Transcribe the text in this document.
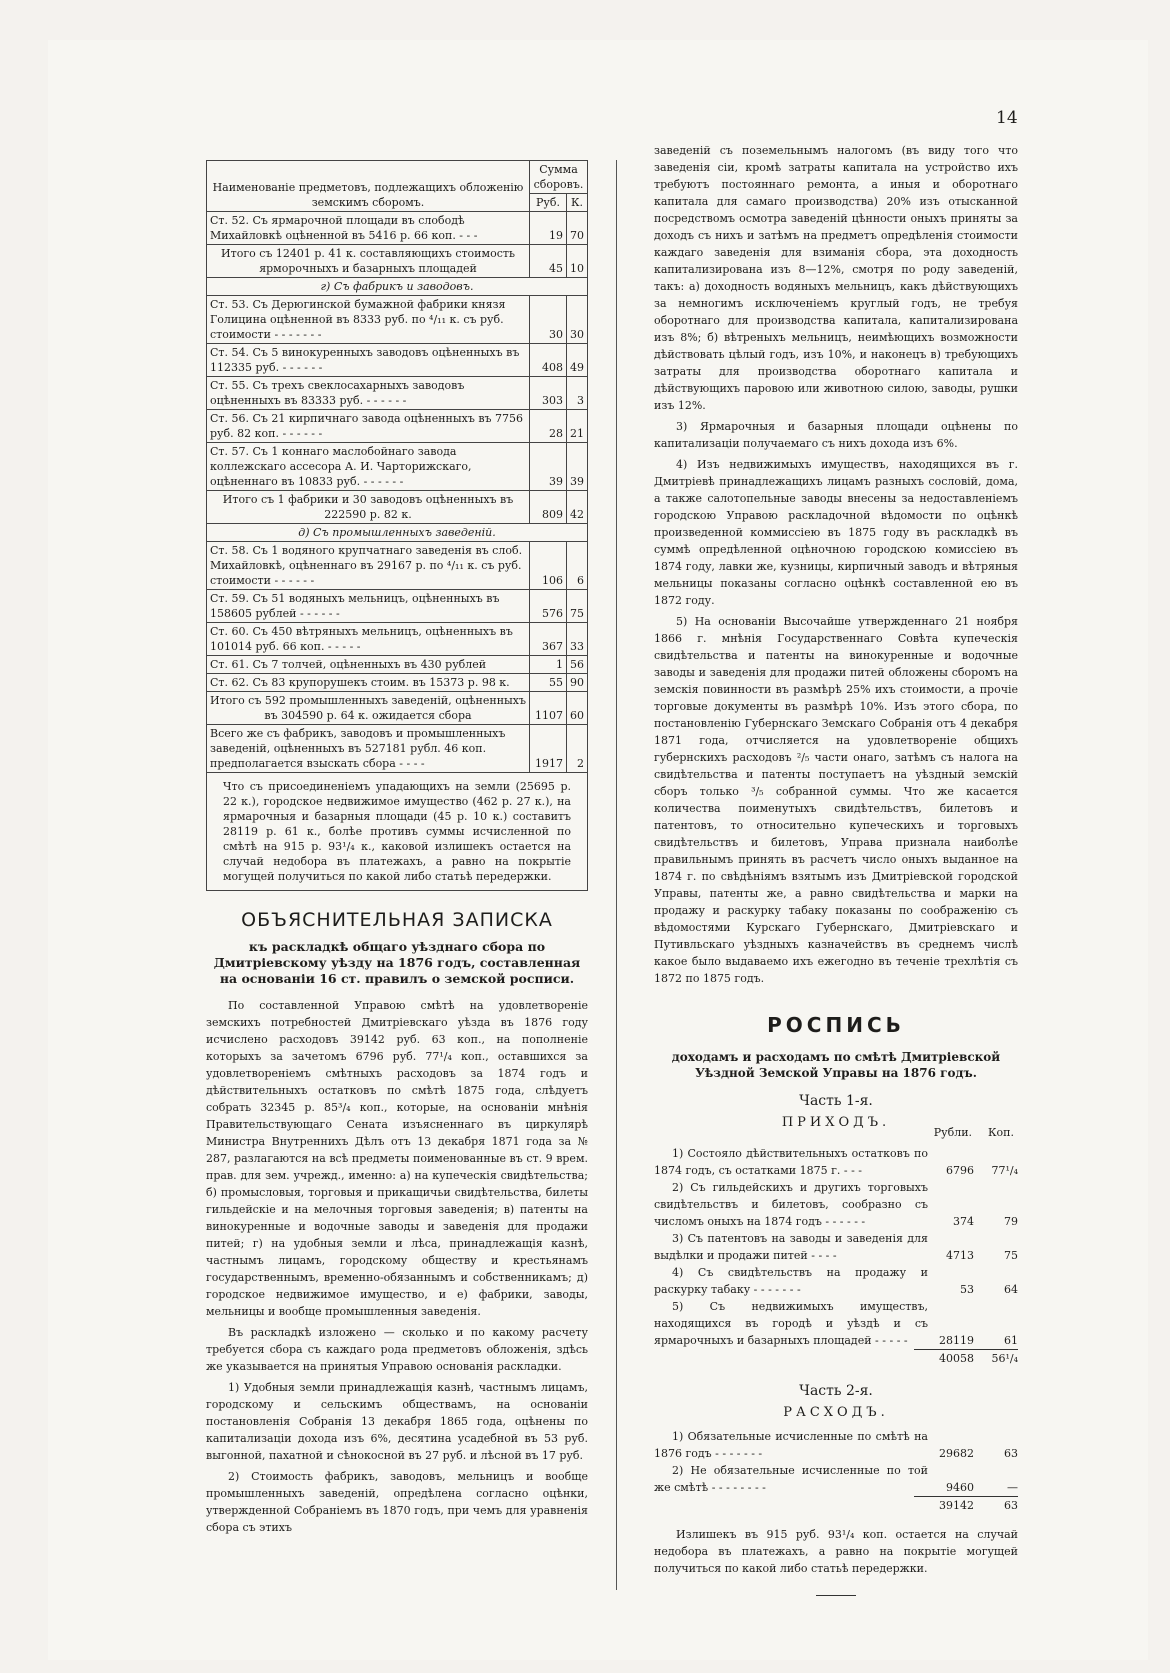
14
Наименованіе предметовъ, подлежащихъ обложенію земскимъ сборомъ.	Сумма сборовъ.	
	Руб.	К.
Ст. 52. Съ ярмарочной площади въ слободѣ Михайловкѣ оцѣненной въ 5416 р. 66 коп. - - -	19	70
Итого съ 12401 р. 41 к. составляющихъ стоимость ярморочныхъ и базарныхъ площадей	45	10
г) Съ фабрикъ и заводовъ.		
Ст. 53. Съ Дерюгинской бумажной фабрики князя Голицина оцѣненной въ 8333 руб. по ⁴/₁₁ к. съ руб. стоимости - - - - - - -	30	30
Ст. 54. Съ 5 винокуренныхъ заводовъ оцѣненныхъ въ 112335 руб. - - - - - -	408	49
Ст. 55. Съ трехъ свеклосахарныхъ заводовъ оцѣненныхъ въ 83333 руб. - - - - - -	303	3
Ст. 56. Съ 21 кирпичнаго завода оцѣненныхъ въ 7756 руб. 82 коп. - - - - - -	28	21
Ст. 57. Съ 1 коннаго маслобойнаго завода коллежскаго ассесора А. И. Чарторижскаго, оцѣненнаго въ 10833 руб. - - - - - -	39	39
Итого съ 1 фабрики и 30 заводовъ оцѣненныхъ въ 222590 р. 82 к.	809	42
д) Съ промышленныхъ заведеній.		
Ст. 58. Съ 1 водяного крупчатнаго заведенія въ слоб. Михайловкѣ, оцѣненнаго въ 29167 р. по ⁴/₁₁ к. съ руб. стоимости - - - - - -	106	6
Ст. 59. Съ 51 водяныхъ мельницъ, оцѣненныхъ въ 158605 рублей - - - - - -	576	75
Ст. 60. Съ 450 вѣтряныхъ мельницъ, оцѣненныхъ въ 101014 руб. 66 коп. - - - - -	367	33
Ст. 61. Съ 7 толчей, оцѣненныхъ въ 430 рублей	1	56
Ст. 62. Съ 83 крупорушекъ стоим. въ 15373 р. 98 к.	55	90
Итого съ 592 промышленныхъ заведеній, оцѣненныхъ въ 304590 р. 64 к. ожидается сбора	1107	60
Всего же съ фабрикъ, заводовъ и промышленныхъ заведеній, оцѣненныхъ въ 527181 рубл. 46 коп. предполагается взыскать сбора - - - -	1917	2
Что съ присоединеніемъ упадающихъ на земли (25695 р. 22 к.), городское недвижимое имущество (462 р. 27 к.), на ярмарочныя и базарныя площади (45 р. 10 к.) составитъ 28119 р. 61 к., болѣе противъ суммы исчисленной по смѣтѣ на 915 р. 93¹/₄ к., каковой излишекъ остается на случай недобора въ платежахъ, а равно на покрытіе могущей получиться по какой либо статьѣ передержки.
ОБЪЯСНИТЕЛЬНАЯ ЗАПИСКА
къ раскладкѣ общаго уѣзднаго сбора по Дмитріевскому уѣзду на 1876 годъ, составленная на основаніи 16 ст. правилъ о земской росписи.

По составленной Управою смѣтѣ на удовлетвореніе земскихъ потребностей Дмитріевскаго уѣзда въ 1876 году исчислено расходовъ 39142 руб. 63 коп., на пополненіе которыхъ за зачетомъ 6796 руб. 77¹/₄ коп., оставшихся за удовлетвореніемъ смѣтныхъ расходовъ за 1874 годъ и дѣйствительныхъ остатковъ по смѣтѣ 1875 года, слѣдуетъ собрать 32345 р. 85³/₄ коп., которые, на основаніи мнѣнія Правительствующаго Сената изъясненнаго въ циркулярѣ Министра Внутреннихъ Дѣлъ отъ 13 декабря 1871 года за № 287, разлагаются на всѣ предметы поименованные въ ст. 9 врем. прав. для зем. учрежд., именно: а) на купеческія свидѣтельства; б) промысловыя, торговыя и прикащичьи свидѣтельства, билеты гильдейскіе и на мелочныя торговыя заведенія; в) патенты на винокуренные и водочные заводы и заведенія для продажи питей; г) на удобныя земли и лѣса, принадлежащія казнѣ, частнымъ лицамъ, городскому обществу и крестьянамъ государственнымъ, временно-обязаннымъ и собственникамъ; д) городское недвижимое имущество, и е) фабрики, заводы, мельницы и вообще промышленныя заведенія.

Въ раскладкѣ изложено — сколько и по какому расчету требуется сбора съ каждаго рода предметовъ обложенія, здѣсь же указывается на принятыя Управою основанія раскладки.

1) Удобныя земли принадлежащія казнѣ, частнымъ лицамъ, городскому и сельскимъ обществамъ, на основаніи постановленія Собранія 13 декабря 1865 года, оцѣнены по капитализаціи дохода изъ 6%, десятина усадебной въ 53 руб. выгонной, пахатной и сѣнокосной въ 27 руб. и лѣсной въ 17 руб.

2) Стоимость фабрикъ, заводовъ, мельницъ и вообще промышленныхъ заведеній, опредѣлена согласно оцѣнки, утвержденной Собраніемъ въ 1870 годъ, при чемъ для уравненія сбора съ этихъ

заведеній съ поземельнымъ налогомъ (въ виду того что заведенія сіи, кромѣ затраты капитала на устройство ихъ требуютъ постояннаго ремонта, а иныя и оборотнаго капитала для самаго производства) 20% изъ отысканной посредствомъ осмотра заведеній цѣнности оныхъ приняты за доходъ съ нихъ и затѣмъ на предметъ опредѣленія стоимости каждаго заведенія для взиманія сбора, эта доходность капитализирована изъ 8—12%, смотря по роду заведеній, такъ: а) доходность водяныхъ мельницъ, какъ дѣйствующихъ за немногимъ исключеніемъ круглый годъ, не требуя оборотнаго для производства капитала, капитализирована изъ 8%; б) вѣтреныхъ мельницъ, неимѣющихъ возможности дѣйствовать цѣлый годъ, изъ 10%, и наконецъ в) требующихъ затраты для производства оборотнаго капитала и дѣйствующихъ паровою или животною силою, заводы, рушки изъ 12%.

3) Ярмарочныя и базарныя площади оцѣнены по капитализаціи получаемаго съ нихъ дохода изъ 6%.

4) Изъ недвижимыхъ имуществъ, находящихся въ г. Дмитріевѣ принадлежащихъ лицамъ разныхъ сословій, дома, а также салотопельные заводы внесены за недоставленіемъ городскою Управою раскладочной вѣдомости по оцѣнкѣ произведенной коммиссіею въ 1875 году въ раскладкѣ въ суммѣ опредѣленной оцѣночною городскою комиссіею въ 1874 году, лавки же, кузницы, кирпичный заводъ и вѣтряныя мельницы показаны согласно оцѣнкѣ составленной ею въ 1872 году.

5) На основаніи Высочайше утвержденнаго 21 ноября 1866 г. мнѣнія Государственнаго Совѣта купеческія свидѣтельства и патенты на винокуренные и водочные заводы и заведенія для продажи питей обложены сборомъ на земскія повинности въ размѣрѣ 25% ихъ стоимости, а прочіе торговые документы въ размѣрѣ 10%. Изъ этого сбора, по постановленію Губернскаго Земскаго Собранія отъ 4 декабря 1871 года, отчисляется на удовлетвореніе общихъ губернскихъ расходовъ ²/₅ части онаго, затѣмъ съ налога на свидѣтельства и патенты поступаетъ на уѣздный земскій сборъ только ³/₅ собранной суммы. Что же касается количества поименутыхъ свидѣтельствъ, билетовъ и патентовъ, то относительно купеческихъ и торговыхъ свидѣтельствъ и билетовъ, Управа признала наиболѣе правильнымъ принять въ расчетъ число оныхъ выданное на 1874 г. по свѣдѣніямъ взятымъ изъ Дмитріевской городской Управы, патенты же, а равно свидѣтельства и марки на продажу и раскурку табаку показаны по соображенію съ вѣдомостями Курскаго Губернскаго, Дмитріевскаго и Путивльскаго уѣздныхъ казначействъ въ среднемъ числѣ какое было выдаваемо ихъ ежегодно въ теченіе трехлѣтія съ 1872 по 1875 годъ.

РОСПИСЬ
доходамъ и расходамъ по смѣтѣ Дмитріевской Уѣздной Земской Управы на 1876 годъ.
Часть 1-я.
ПРИХОДЪ.
Рубли. Коп.
1) Состояло дѣйствительныхъ остатковъ по 1874 годъ, съ остатками 1875 г. - - -	6796	77¹/₄
2) Съ гильдейскихъ и другихъ торговыхъ свидѣтельствъ и билетовъ, сообразно съ числомъ оныхъ на 1874 годъ - - - - - -	374	79
3) Съ патентовъ на заводы и заведенія для выдѣлки и продажи питей - - - -	4713	75
4) Съ свидѣтельствъ на продажу и раскурку табаку - - - - - - -	53	64
5) Съ недвижимыхъ имуществъ, находящихся въ городѣ и уѣздѣ и съ ярмарочныхъ и базарныхъ площадей - - - - -	28119	61
40058	56¹/₄
Часть 2-я.
РАСХОДЪ.
1) Обязательные исчисленные по смѣтѣ на 1876 годъ - - - - - - -	29682	63
2) Не обязательные исчисленные по той же смѣтѣ - - - - - - - -	9460	—
39142	63
Излишекъ въ 915 руб. 93¹/₄ коп. остается на случай недобора въ платежахъ, а равно на покрытіе могущей получиться по какой либо статьѣ передержки.
